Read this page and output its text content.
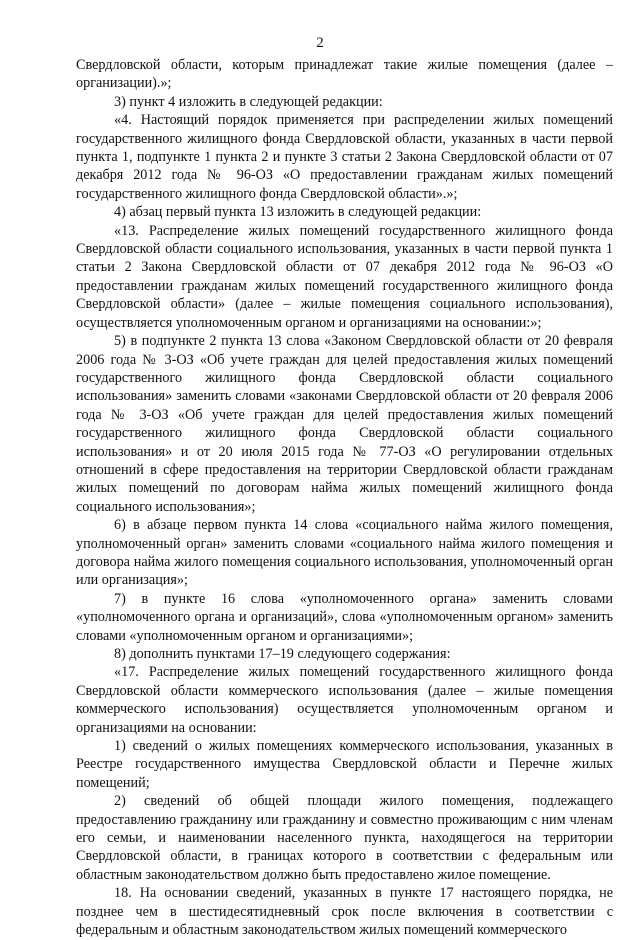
2

Свердловской области, которым принадлежат такие жилые помещения (далее – организации).»;

3) пункт 4 изложить в следующей редакции:

«4. Настоящий порядок применяется при распределении жилых помещений государственного жилищного фонда Свердловской области, указанных в части первой пункта 1, подпункте 1 пункта 2 и пункте 3 статьи 2 Закона Свердловской области от 07 декабря 2012 года № 96-ОЗ «О предоставлении гражданам жилых помещений государственного жилищного фонда Свердловской области».»;

4) абзац первый пункта 13 изложить в следующей редакции:

«13. Распределение жилых помещений государственного жилищного фонда Свердловской области социального использования, указанных в части первой пункта 1 статьи 2 Закона Свердловской области от 07 декабря 2012 года № 96-ОЗ «О предоставлении гражданам жилых помещений государственного жилищного фонда Свердловской области» (далее – жилые помещения социального использования), осуществляется уполномоченным органом и организациями на основании:»;

5) в подпункте 2 пункта 13 слова «Законом Свердловской области от 20 февраля 2006 года № 3-ОЗ «Об учете граждан для целей предоставления жилых помещений государственного жилищного фонда Свердловской области социального использования» заменить словами «законами Свердловской области от 20 февраля 2006 года № 3-ОЗ «Об учете граждан для целей предоставления жилых помещений государственного жилищного фонда Свердловской области социального использования» и от 20 июля 2015 года № 77-ОЗ «О регулировании отдельных отношений в сфере предоставления на территории Свердловской области гражданам жилых помещений по договорам найма жилых помещений жилищного фонда социального использования»;

6) в абзаце первом пункта 14 слова «социального найма жилого помещения, уполномоченный орган» заменить словами «социального найма жилого помещения и договора найма жилого помещения социального использования, уполномоченный орган или организация»;

7) в пункте 16 слова «уполномоченного органа» заменить словами «уполномоченного органа и организаций», слова «уполномоченным органом» заменить словами «уполномоченным органом и организациями»;

8) дополнить пунктами 17–19 следующего содержания:

«17. Распределение жилых помещений государственного жилищного фонда Свердловской области коммерческого использования (далее – жилые помещения коммерческого использования) осуществляется уполномоченным органом и организациями на основании:

1) сведений о жилых помещениях коммерческого использования, указанных в Реестре государственного имущества Свердловской области и Перечне жилых помещений;

2) сведений об общей площади жилого помещения, подлежащего предоставлению гражданину или гражданину и совместно проживающим с ним членам его семьи, и наименовании населенного пункта, находящегося на территории Свердловской области, в границах которого в соответствии с федеральным или областным законодательством должно быть предоставлено жилое помещение.

18. На основании сведений, указанных в пункте 17 настоящего порядка, не позднее чем в шестидесятидневный срок после включения в соответствии с федеральным и областным законодательством жилых помещений коммерческого
